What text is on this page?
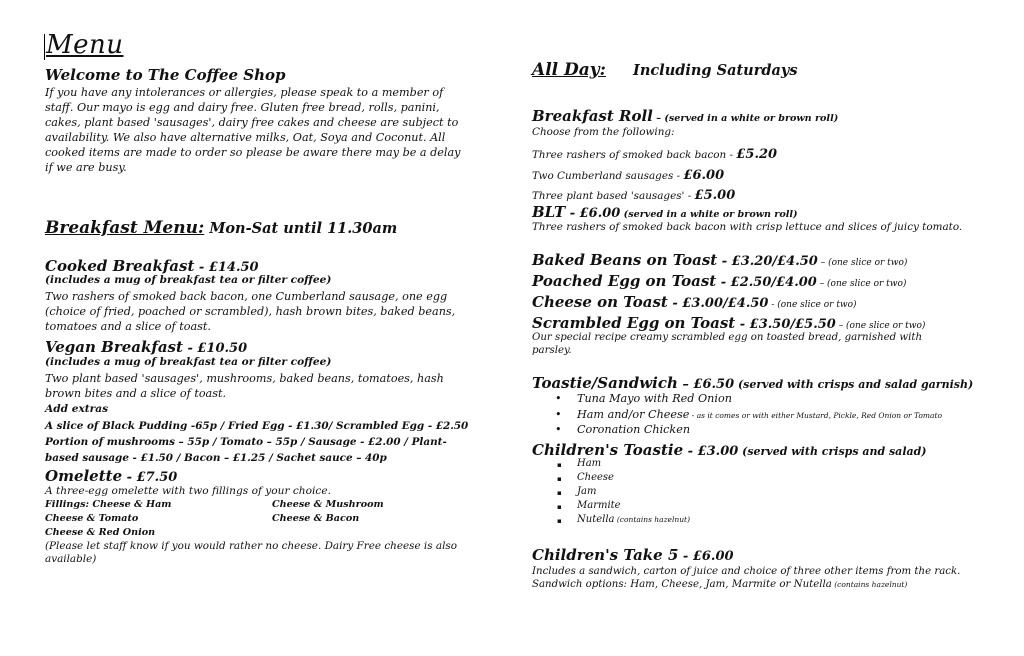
Menu
Welcome to The Coffee Shop
If you have any intolerances or allergies, please speak to a member of
staff. Our mayo is egg and dairy free. Gluten free bread, rolls, panini,
cakes, plant based 'sausages', dairy free cakes and cheese are subject to
availability. We also have alternative milks, Oat, Soya and Coconut. All
cooked items are made to order so please be aware there may be a delay
if we are busy.
Breakfast Menu: Mon-Sat until 11.30am
Cooked Breakfast - £14.50
(includes a mug of breakfast tea or filter coffee)
Two rashers of smoked back bacon, one Cumberland sausage, one egg
(choice of fried, poached or scrambled), hash brown bites, baked beans,
tomatoes and a slice of toast.
Vegan Breakfast - £10.50
(includes a mug of breakfast tea or filter coffee)
Two plant based 'sausages', mushrooms, baked beans, tomatoes, hash
brown bites and a slice of toast.
Add extras
A slice of Black Pudding -65p / Fried Egg - £1.30/ Scrambled Egg - £2.50
Portion of mushrooms – 55p / Tomato – 55p / Sausage - £2.00 / Plant-
based sausage - £1.50 / Bacon – £1.25 / Sachet sauce – 40p
Omelette - £7.50
A three-egg omelette with two fillings of your choice.
Fillings: Cheese & Ham	Cheese & Mushroom
Cheese & Tomato	Cheese & Bacon
Cheese & Red Onion
(Please let staff know if you would rather no cheese. Dairy Free cheese is also
available)
All Day: Including Saturdays
Breakfast Roll – (served in a white or brown roll)
Choose from the following:
Three rashers of smoked back bacon - £5.20
Two Cumberland sausages - £6.00
Three plant based 'sausages' - £5.00
BLT - £6.00 (served in a white or brown roll)
Three rashers of smoked back bacon with crisp lettuce and slices of juicy tomato.
Baked Beans on Toast - £3.20/£4.50 – (one slice or two)
Poached Egg on Toast - £2.50/£4.00 – (one slice or two)
Cheese on Toast - £3.00/£4.50 - (one slice or two)
Scrambled Egg on Toast - £3.50/£5.50 – (one slice or two)
Our special recipe creamy scrambled egg on toasted bread, garnished with
parsley.
Toastie/Sandwich – £6.50 (served with crisps and salad garnish)
• Tuna Mayo with Red Onion
• Ham and/or Cheese - as it comes or with either Mustard, Pickle, Red Onion or Tomato
• Coronation Chicken
Children's Toastie - £3.00 (served with crisps and salad)
▪ Ham
▪ Cheese
▪ Jam
▪ Marmite
▪ Nutella (contains hazelnut)
Children's Take 5 - £6.00
Includes a sandwich, carton of juice and choice of three other items from the rack.
Sandwich options: Ham, Cheese, Jam, Marmite or Nutella (contains hazelnut)
